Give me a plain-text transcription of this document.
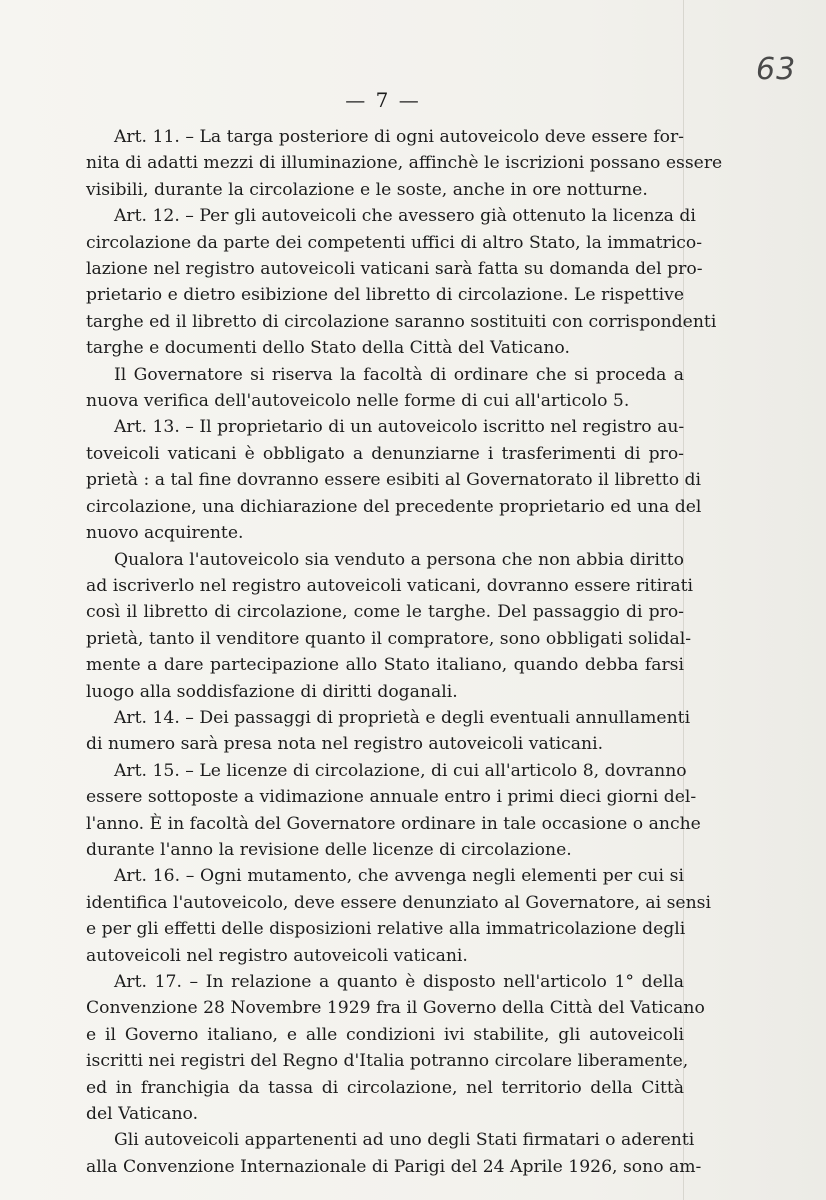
63
— 7 —
Art. 11. – La targa posteriore di ogni autoveicolo deve essere for-
nita di adatti mezzi di illuminazione, affinchè le iscrizioni possano essere
visibili, durante la circolazione e le soste, anche in ore notturne.
Art. 12. – Per gli autoveicoli che avessero già ottenuto la licenza di
circolazione da parte dei competenti uffici di altro Stato, la immatrico-
lazione nel registro autoveicoli vaticani sarà fatta su domanda del pro-
prietario e dietro esibizione del libretto di circolazione. Le rispettive
targhe ed il libretto di circolazione saranno sostituiti con corrispondenti
targhe e documenti dello Stato della Città del Vaticano.
Il Governatore si riserva la facoltà di ordinare che si proceda a
nuova verifica dell'autoveicolo nelle forme di cui all'articolo 5.
Art. 13. – Il proprietario di un autoveicolo iscritto nel registro au-
toveicoli vaticani è obbligato a denunziarne i trasferimenti di pro-
prietà : a tal fine dovranno essere esibiti al Governatorato il libretto di
circolazione, una dichiarazione del precedente proprietario ed una del
nuovo acquirente.
Qualora l'autoveicolo sia venduto a persona che non abbia diritto
ad iscriverlo nel registro autoveicoli vaticani, dovranno essere ritirati
così il libretto di circolazione, come le targhe. Del passaggio di pro-
prietà, tanto il venditore quanto il compratore, sono obbligati solidal-
mente a dare partecipazione allo Stato italiano, quando debba farsi
luogo alla soddisfazione di diritti doganali.
Art. 14. – Dei passaggi di proprietà e degli eventuali annullamenti
di numero sarà presa nota nel registro autoveicoli vaticani.
Art. 15. – Le licenze di circolazione, di cui all'articolo 8, dovranno
essere sottoposte a vidimazione annuale entro i primi dieci giorni del-
l'anno. È in facoltà del Governatore ordinare in tale occasione o anche
durante l'anno la revisione delle licenze di circolazione.
Art. 16. – Ogni mutamento, che avvenga negli elementi per cui si
identifica l'autoveicolo, deve essere denunziato al Governatore, ai sensi
e per gli effetti delle disposizioni relative alla immatricolazione degli
autoveicoli nel registro autoveicoli vaticani.
Art. 17. – In relazione a quanto è disposto nell'articolo 1° della
Convenzione 28 Novembre 1929 fra il Governo della Città del Vaticano
e il Governo italiano, e alle condizioni ivi stabilite, gli autoveicoli
iscritti nei registri del Regno d'Italia potranno circolare liberamente,
ed in franchigia da tassa di circolazione, nel territorio della Città
del Vaticano.
Gli autoveicoli appartenenti ad uno degli Stati firmatari o aderenti
alla Convenzione Internazionale di Parigi del 24 Aprile 1926, sono am-
